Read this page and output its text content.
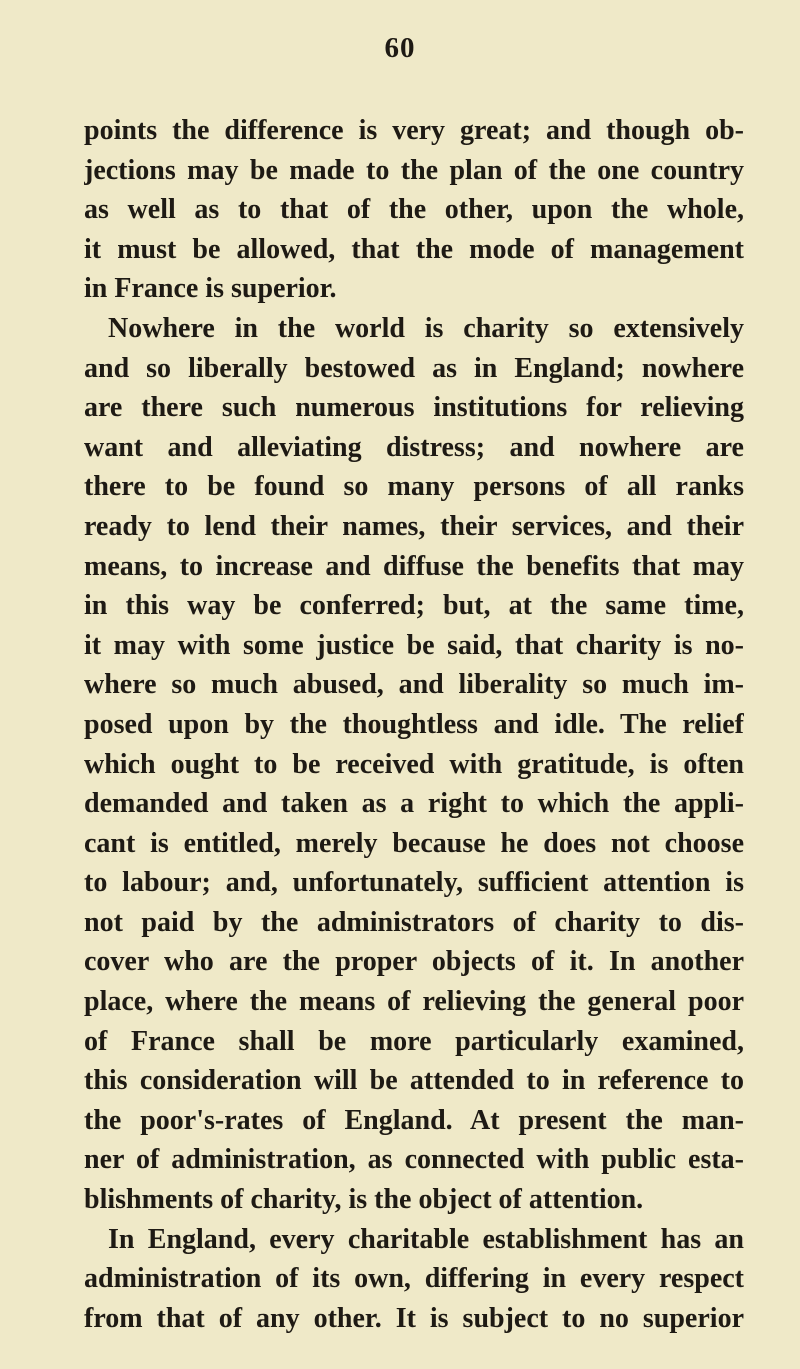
60
points the difference is very great; and though ob-
jections may be made to the plan of the one country
as well as to that of the other, upon the whole,
it must be allowed, that the mode of management
in France is superior.
Nowhere in the world is charity so extensively
and so liberally bestowed as in England; nowhere
are there such numerous institutions for relieving
want and alleviating distress; and nowhere are
there to be found so many persons of all ranks
ready to lend their names, their services, and their
means, to increase and diffuse the benefits that may
in this way be conferred; but, at the same time,
it may with some justice be said, that charity is no-
where so much abused, and liberality so much im-
posed upon by the thoughtless and idle. The relief
which ought to be received with gratitude, is often
demanded and taken as a right to which the appli-
cant is entitled, merely because he does not choose
to labour; and, unfortunately, sufficient attention is
not paid by the administrators of charity to dis-
cover who are the proper objects of it. In another
place, where the means of relieving the general poor
of France shall be more particularly examined,
this consideration will be attended to in reference to
the poor's-rates of England. At present the man-
ner of administration, as connected with public esta-
blishments of charity, is the object of attention.
In England, every charitable establishment has an
administration of its own, differing in every respect
from that of any other. It is subject to no superior
